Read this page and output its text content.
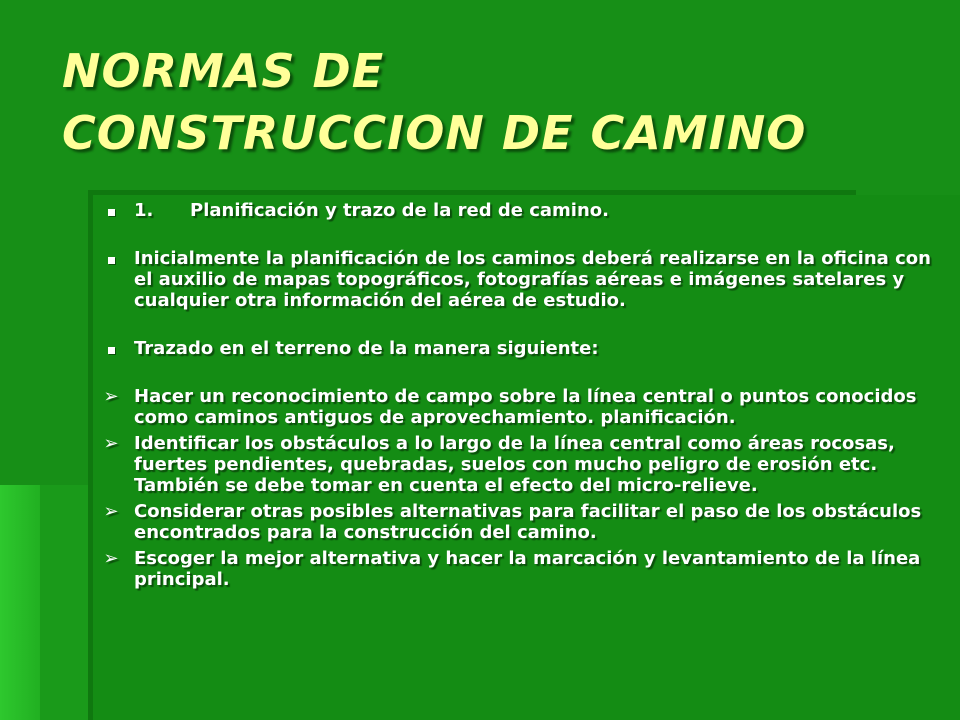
NORMAS DE
CONSTRUCCION DE CAMINO
1. Planificación y trazo de la red de camino.
Inicialmente la planificación de los caminos deberá realizarse en la oficina con el auxilio de mapas topográficos, fotografías aéreas e imágenes satelares y cualquier otra información del aérea de estudio.
Trazado en el terreno de la manera siguiente:
➢ Hacer un reconocimiento de campo sobre la línea central o puntos conocidos como caminos antiguos de aprovechamiento. planificación.
➢ Identificar los obstáculos a lo largo de la línea central como áreas rocosas, fuertes pendientes, quebradas, suelos con mucho peligro de erosión etc. También se debe tomar en cuenta el efecto del micro-relieve.
➢ Considerar otras posibles alternativas para facilitar el paso de los obstáculos encontrados para la construcción del camino.
➢ Escoger la mejor alternativa y hacer la marcación y levantamiento de la línea principal.
